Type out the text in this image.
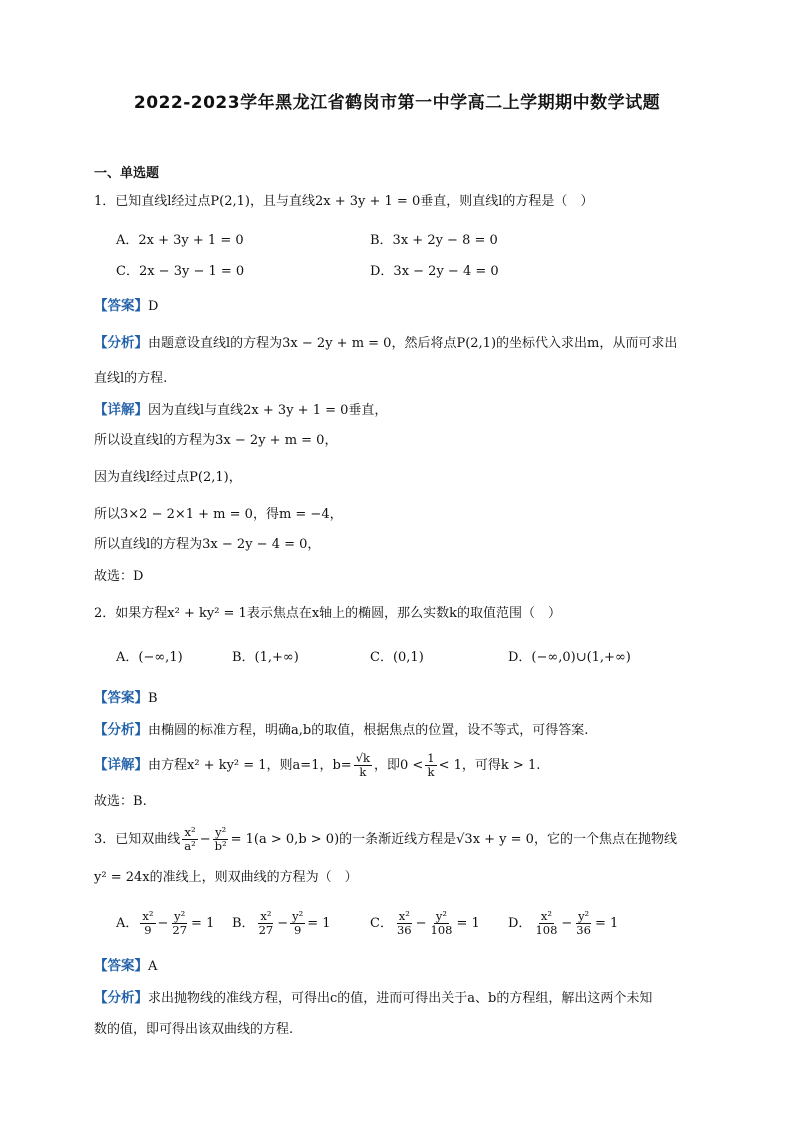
2022-2023学年黑龙江省鹤岗市第一中学高二上学期期中数学试题
一、单选题
1．已知直线l经过点P(2,1)，且与直线2x + 3y + 1 = 0垂直，则直线l的方程是（　）
A．2x + 3y + 1 = 0	B．3x + 2y − 8 = 0
C．2x − 3y − 1 = 0	D．3x − 2y − 4 = 0
【答案】D
【分析】由题意设直线l的方程为3x − 2y + m = 0，然后将点P(2,1)的坐标代入求出m，从而可求出
直线l的方程.
【详解】因为直线l与直线2x + 3y + 1 = 0垂直，
所以设直线l的方程为3x − 2y + m = 0，
因为直线l经过点P(2,1)，
所以3×2 − 2×1 + m = 0，得m = −4，
所以直线l的方程为3x − 2y − 4 = 0，
故选：D
2．如果方程x² + ky² = 1表示焦点在x轴上的椭圆，那么实数k的取值范围（　）
A．(−∞,1)	B．(1,+∞)	C．(0,1)	D．(−∞,0)∪(1,+∞)
【答案】B
【分析】由椭圆的标准方程，明确a,b的取值，根据焦点的位置，设不等式，可得答案.
【详解】由方程x² + ky² = 1，则a=1，$b= \frac{√k}{k}$ ，即$0 < \frac{1}{k} < 1$，可得k > 1.
故选：B.
3．已知双曲线 $\frac{\text{x²}}{\text{a²}} - \frac{\text{y²}}{\text{b²}} = 1(a > 0,b > 0)$的一条渐近线方程是√3x + y = 0，它的一个焦点在抛物线
y² = 24x的准线上，则双曲线的方程为（　）
A． $\frac{\text{x²}}{9} - \frac{\text{y²}}{27} = 1$ B． $\frac{\text{x²}}{27} - \frac{\text{y²}}{9} = 1$	C． $\frac{\text{x²}}{36} - \frac{\text{y²}}{108} = 1$ D． $\frac{\text{x²}}{108} - \frac{\text{y²}}{36} = 1$
【答案】A
【分析】求出抛物线的准线方程，可得出c的值，进而可得出关于a、b的方程组，解出这两个未知
数的值，即可得出该双曲线的方程.
